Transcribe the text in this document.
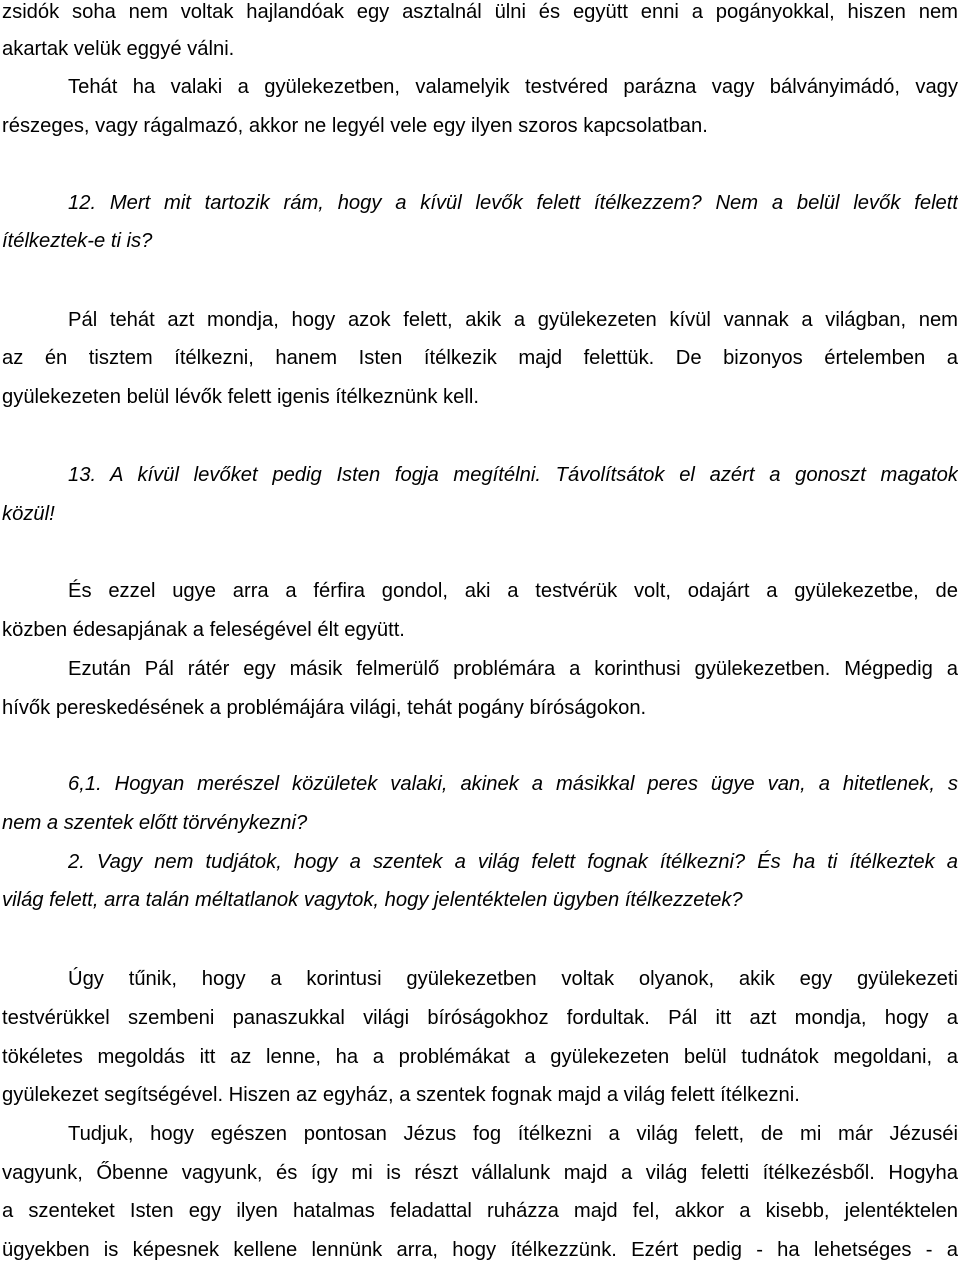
zsidók soha nem voltak hajlandóak egy asztalnál ülni és együtt enni a pogányokkal, hiszen nem
akartak velük eggyé válni.
Tehát ha valaki a gyülekezetben, valamelyik testvéred parázna vagy bálványimádó, vagy
részeges, vagy rágalmazó, akkor ne legyél vele egy ilyen szoros kapcsolatban.
12. Mert mit tartozik rám, hogy a kívül levők felett ítélkezzem? Nem a belül levők felett
ítélkeztek-e ti is?
Pál tehát azt mondja, hogy azok felett, akik a gyülekezeten kívül vannak a világban, nem
az én tisztem ítélkezni, hanem Isten ítélkezik majd felettük. De bizonyos értelemben a
gyülekezeten belül lévők felett igenis ítélkeznünk kell.
13. A kívül levőket pedig Isten fogja megítélni. Távolítsátok el azért a gonoszt magatok
közül!
És ezzel ugye arra a férfira gondol, aki a testvérük volt, odajárt a gyülekezetbe, de
közben édesapjának a feleségével élt együtt.
Ezután Pál rátér egy másik felmerülő problémára a korinthusi gyülekezetben. Mégpedig a
hívők pereskedésének a problémájára világi, tehát pogány bíróságokon.
6,1. Hogyan merészel közületek valaki, akinek a másikkal peres ügye van, a hitetlenek, s
nem a szentek előtt törvénykezni?
2. Vagy nem tudjátok, hogy a szentek a világ felett fognak ítélkezni? És ha ti ítélkeztek a
világ felett, arra talán méltatlanok vagytok, hogy jelentéktelen ügyben ítélkezzetek?
Úgy tűnik, hogy a korintusi gyülekezetben voltak olyanok, akik egy gyülekezeti
testvérükkel szembeni panaszukkal világi bíróságokhoz fordultak. Pál itt azt mondja, hogy a
tökéletes megoldás itt az lenne, ha a problémákat a gyülekezeten belül tudnátok megoldani, a
gyülekezet segítségével. Hiszen az egyház, a szentek fognak majd a világ felett ítélkezni.
Tudjuk, hogy egészen pontosan Jézus fog ítélkezni a világ felett, de mi már Jézuséi
vagyunk, Őbenne vagyunk, és így mi is részt vállalunk majd a világ feletti ítélkezésből. Hogyha
a szenteket Isten egy ilyen hatalmas feladattal ruházza majd fel, akkor a kisebb, jelentéktelen
ügyekben is képesnek kellene lennünk arra, hogy ítélkezzünk. Ezért pedig - ha lehetséges - a
